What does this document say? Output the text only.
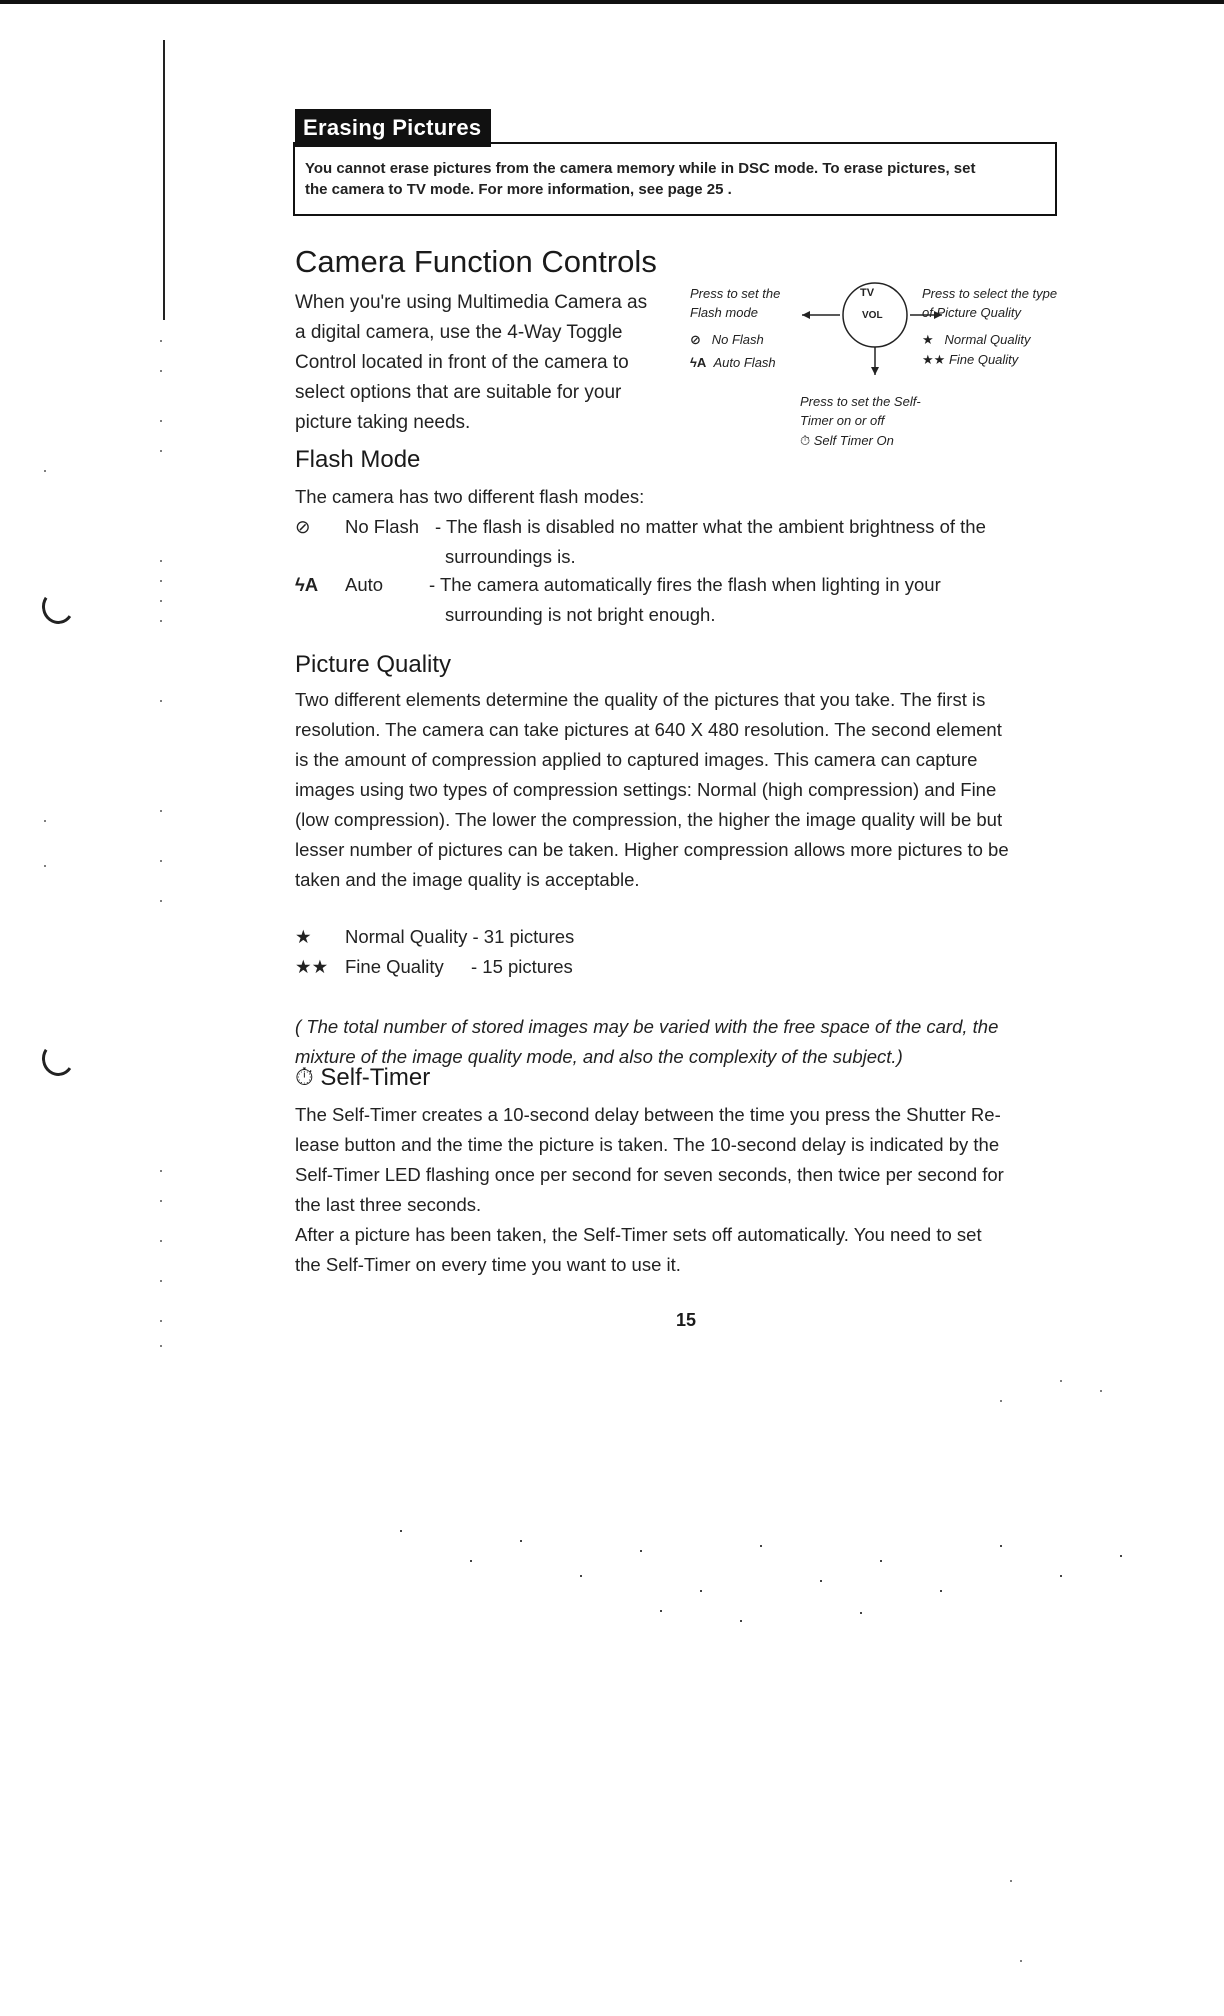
Erasing Pictures
You cannot erase pictures from the camera memory while in DSC mode. To erase pictures, set
the camera to TV mode. For more information, see page 25 .
Camera Function Controls
When you're using Multimedia Camera as
a digital camera, use the 4-Way Toggle
Control located in front of the camera to
select options that are suitable for your
picture taking needs.
TV
VOL
Press to set the
Flash mode
⊘ No Flash
ϟA Auto Flash
Press to select the type
of Picture Quality
★ Normal Quality
★★ Fine Quality
Press to set the Self-
Timer on or off
⏱ Self Timer On
Flash Mode
The camera has two different flash modes:
⊘ No Flash - The flash is disabled no matter what the ambient brightness of the
surroundings is.
ϟA Auto - The camera automatically fires the flash when lighting in your
surrounding is not bright enough.
Picture Quality
Two different elements determine the quality of the pictures that you take. The first is
resolution. The camera can take pictures at 640 X 480 resolution. The second element
is the amount of compression applied to captured images. This camera can capture
images using two types of compression settings: Normal (high compression) and Fine
(low compression). The lower the compression, the higher the image quality will be but
lesser number of pictures can be taken. Higher compression allows more pictures to be
taken and the image quality is acceptable.
★ Normal Quality - 31 pictures
★★ Fine Quality - 15 pictures
( The total number of stored images may be varied with the free space of the card, the
mixture of the image quality mode, and also the complexity of the subject.)
⏱ Self-Timer
The Self-Timer creates a 10-second delay between the time you press the Shutter Re-
lease button and the time the picture is taken. The 10-second delay is indicated by the
Self-Timer LED flashing once per second for seven seconds, then twice per second for
the last three seconds.
After a picture has been taken, the Self-Timer sets off automatically. You need to set
the Self-Timer on every time you want to use it.
15
